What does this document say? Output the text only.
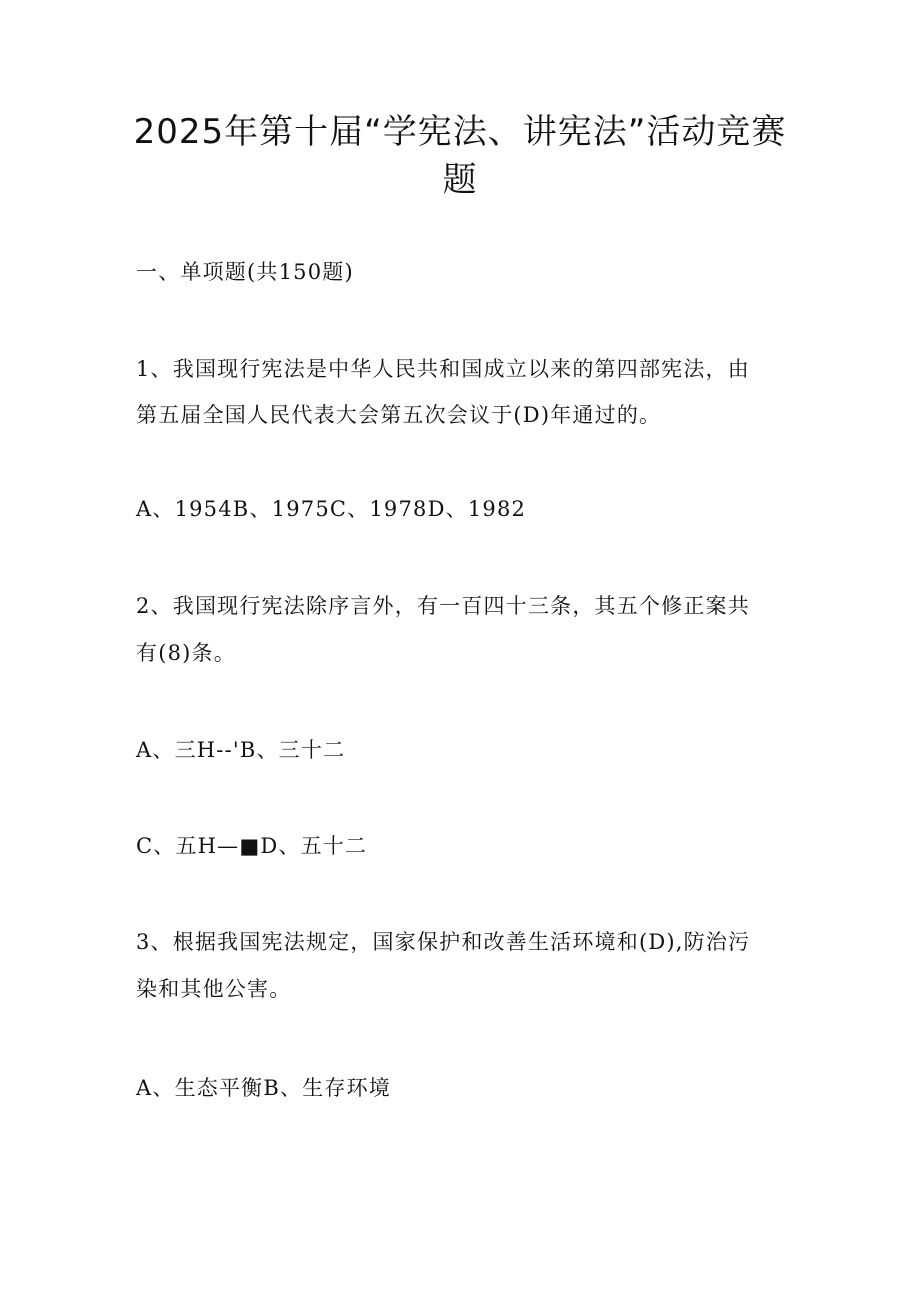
2025年第十届“学宪法、讲宪法”活动竞赛
题
一、单项题(共150题)
1、我国现行宪法是中华人民共和国成立以来的第四部宪法，由
第五届全国人民代表大会第五次会议于(D)年通过的。
A、1954B、1975C、1978D、1982
2、我国现行宪法除序言外，有一百四十三条，其五个修正案共
有(8)条。
A、三H--'B、三十二
C、五H—■D、五十二
3、根据我国宪法规定，国家保护和改善生活环境和(D),防治污
染和其他公害。
A、生态平衡B、生存环境
